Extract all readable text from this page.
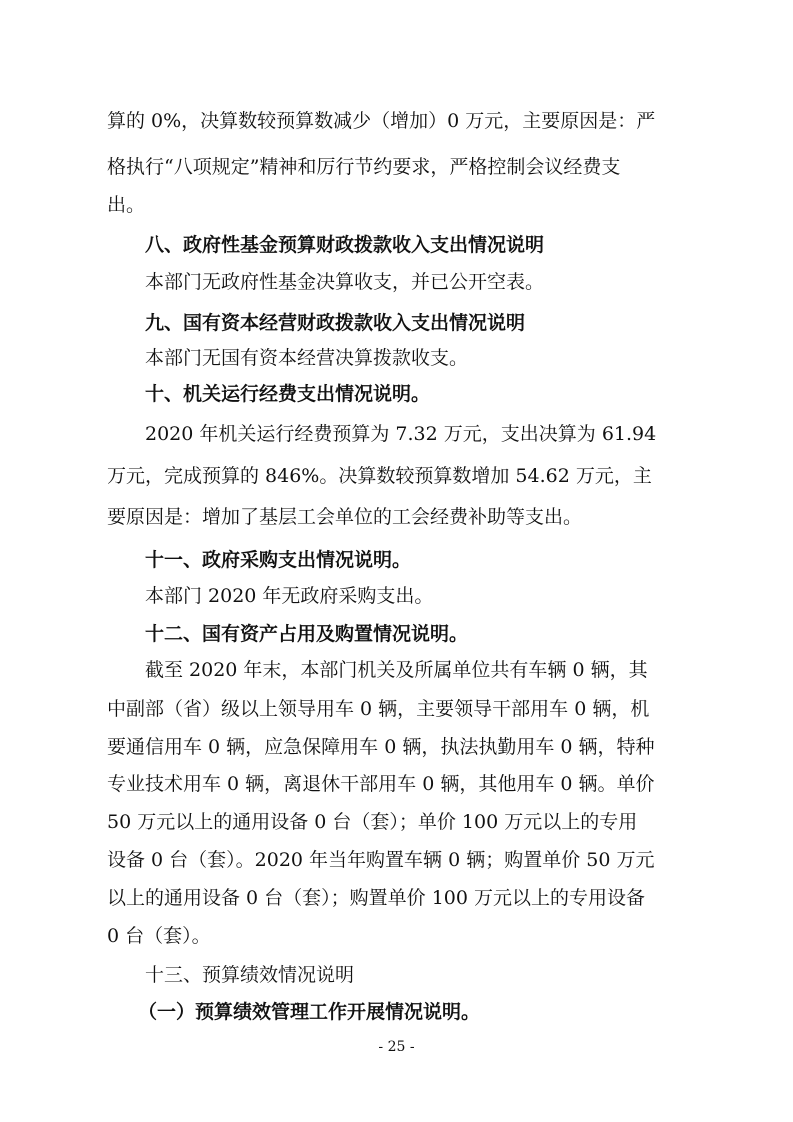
算的 0%，决算数较预算数减少（增加）0 万元，主要原因是：严
格执行“八项规定”精神和厉行节约要求，严格控制会议经费支
出。
八、政府性基金预算财政拨款收入支出情况说明
本部门无政府性基金决算收支，并已公开空表。
九、国有资本经营财政拨款收入支出情况说明
本部门无国有资本经营决算拨款收支。
十、机关运行经费支出情况说明。
2020 年机关运行经费预算为 7.32 万元，支出决算为 61.94
万元，完成预算的 846%。决算数较预算数增加 54.62 万元，主
要原因是：增加了基层工会单位的工会经费补助等支出。
十一、政府采购支出情况说明。
本部门 2020 年无政府采购支出。
十二、国有资产占用及购置情况说明。
截至 2020 年末，本部门机关及所属单位共有车辆 0 辆，其
中副部（省）级以上领导用车 0 辆，主要领导干部用车 0 辆，机
要通信用车 0 辆，应急保障用车 0 辆，执法执勤用车 0 辆，特种
专业技术用车 0 辆，离退休干部用车 0 辆，其他用车 0 辆。单价
50 万元以上的通用设备 0 台（套）；单价 100 万元以上的专用
设备 0 台（套）。2020 年当年购置车辆 0 辆；购置单价 50 万元
以上的通用设备 0 台（套）；购置单价 100 万元以上的专用设备
0 台（套）。
十三、预算绩效情况说明
（一）预算绩效管理工作开展情况说明。
- 25 -
